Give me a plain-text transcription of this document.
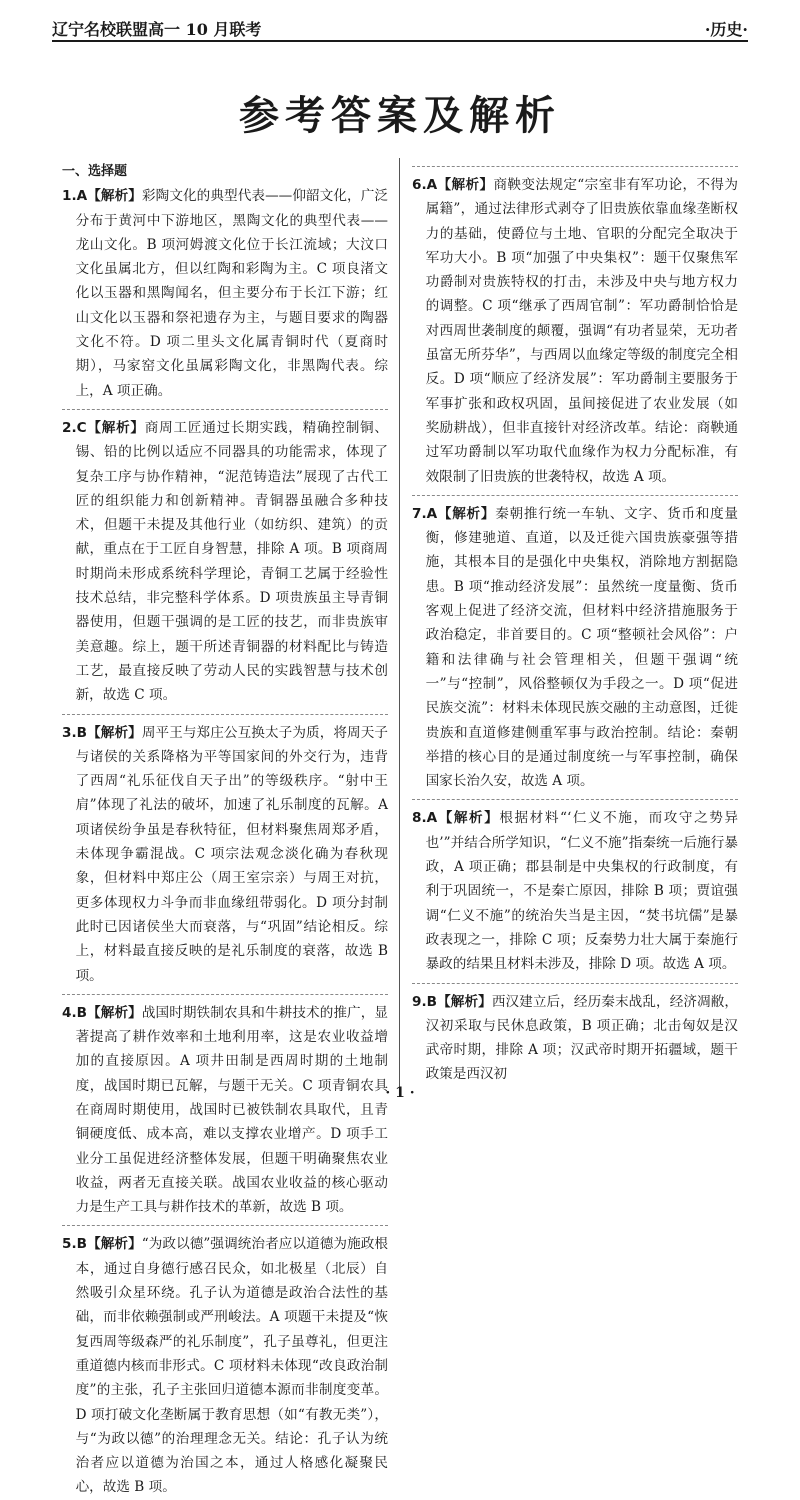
辽宁名校联盟高一 10 月联考	·历史·
参考答案及解析

一、选择题

1.A【解析】彩陶文化的典型代表——仰韶文化，广泛分布于黄河中下游地区，黑陶文化的典型代表——龙山文化。B 项河姆渡文化位于长江流域；大汶口文化虽属北方，但以红陶和彩陶为主。C 项良渚文化以玉器和黑陶闻名，但主要分布于长江下游；红山文化以玉器和祭祀遗存为主，与题目要求的陶器文化不符。D 项二里头文化属青铜时代（夏商时期），马家窑文化虽属彩陶文化，非黑陶代表。综上，A 项正确。

2.C【解析】商周工匠通过长期实践，精确控制铜、锡、铅的比例以适应不同器具的功能需求，体现了复杂工序与协作精神，“泥范铸造法”展现了古代工匠的组织能力和创新精神。青铜器虽融合多种技术，但题干未提及其他行业（如纺织、建筑）的贡献，重点在于工匠自身智慧，排除 A 项。B 项商周时期尚未形成系统科学理论，青铜工艺属于经验性技术总结，非完整科学体系。D 项贵族虽主导青铜器使用，但题干强调的是工匠的技艺，而非贵族审美意趣。综上，题干所述青铜器的材料配比与铸造工艺，最直接反映了劳动人民的实践智慧与技术创新，故选 C 项。

3.B【解析】周平王与郑庄公互换太子为质，将周天子与诸侯的关系降格为平等国家间的外交行为，违背了西周“礼乐征伐自天子出”的等级秩序。“射中王肩”体现了礼法的破坏，加速了礼乐制度的瓦解。A 项诸侯纷争虽是春秋特征，但材料聚焦周郑矛盾，未体现争霸混战。C 项宗法观念淡化确为春秋现象，但材料中郑庄公（周王室宗亲）与周王对抗，更多体现权力斗争而非血缘纽带弱化。D 项分封制此时已因诸侯坐大而衰落，与“巩固”结论相反。综上，材料最直接反映的是礼乐制度的衰落，故选 B 项。

4.B【解析】战国时期铁制农具和牛耕技术的推广，显著提高了耕作效率和土地利用率，这是农业收益增加的直接原因。A 项井田制是西周时期的土地制度，战国时期已瓦解，与题干无关。C 项青铜农具在商周时期使用，战国时已被铁制农具取代，且青铜硬度低、成本高，难以支撑农业增产。D 项手工业分工虽促进经济整体发展，但题干明确聚焦农业收益，两者无直接关联。战国农业收益的核心驱动力是生产工具与耕作技术的革新，故选 B 项。

5.B【解析】“为政以德”强调统治者应以道德为施政根本，通过自身德行感召民众，如北极星（北辰）自然吸引众星环绕。孔子认为道德是政治合法性的基础，而非依赖强制或严刑峻法。A 项题干未提及“恢复西周等级森严的礼乐制度”，孔子虽尊礼，但更注重道德内核而非形式。C 项材料未体现“改良政治制度”的主张，孔子主张回归道德本源而非制度变革。D 项打破文化垄断属于教育思想（如“有教无类”），与“为政以德”的治理理念无关。结论：孔子认为统治者应以道德为治国之本，通过人格感化凝聚民心，故选 B 项。

6.A【解析】商鞅变法规定“宗室非有军功论，不得为属籍”，通过法律形式剥夺了旧贵族依靠血缘垄断权力的基础，使爵位与土地、官职的分配完全取决于军功大小。B 项“加强了中央集权”：题干仅聚焦军功爵制对贵族特权的打击，未涉及中央与地方权力的调整。C 项“继承了西周官制”：军功爵制恰恰是对西周世袭制度的颠覆，强调“有功者显荣，无功者虽富无所芬华”，与西周以血缘定等级的制度完全相反。D 项“顺应了经济发展”：军功爵制主要服务于军事扩张和政权巩固，虽间接促进了农业发展（如奖励耕战），但非直接针对经济改革。结论：商鞅通过军功爵制以军功取代血缘作为权力分配标准，有效限制了旧贵族的世袭特权，故选 A 项。

7.A【解析】秦朝推行统一车轨、文字、货币和度量衡，修建驰道、直道，以及迁徙六国贵族豪强等措施，其根本目的是强化中央集权，消除地方割据隐患。B 项“推动经济发展”：虽然统一度量衡、货币客观上促进了经济交流，但材料中经济措施服务于政治稳定，非首要目的。C 项“整顿社会风俗”：户籍和法律确与社会管理相关，但题干强调“统一”与“控制”，风俗整顿仅为手段之一。D 项“促进民族交流”：材料未体现民族交融的主动意图，迁徙贵族和直道修建侧重军事与政治控制。结论：秦朝举措的核心目的是通过制度统一与军事控制，确保国家长治久安，故选 A 项。

8.A【解析】根据材料“‘仁义不施，而攻守之势异也’”并结合所学知识，“仁义不施”指秦统一后施行暴政，A 项正确；郡县制是中央集权的行政制度，有利于巩固统一，不是秦亡原因，排除 B 项；贾谊强调“仁义不施”的统治失当是主因，“焚书坑儒”是暴政表现之一，排除 C 项；反秦势力壮大属于秦施行暴政的结果且材料未涉及，排除 D 项。故选 A 项。

9.B【解析】西汉建立后，经历秦末战乱，经济凋敝，汉初采取与民休息政策，B 项正确；北击匈奴是汉武帝时期，排除 A 项；汉武帝时期开拓疆域，题干政策是西汉初

· 1 ·
